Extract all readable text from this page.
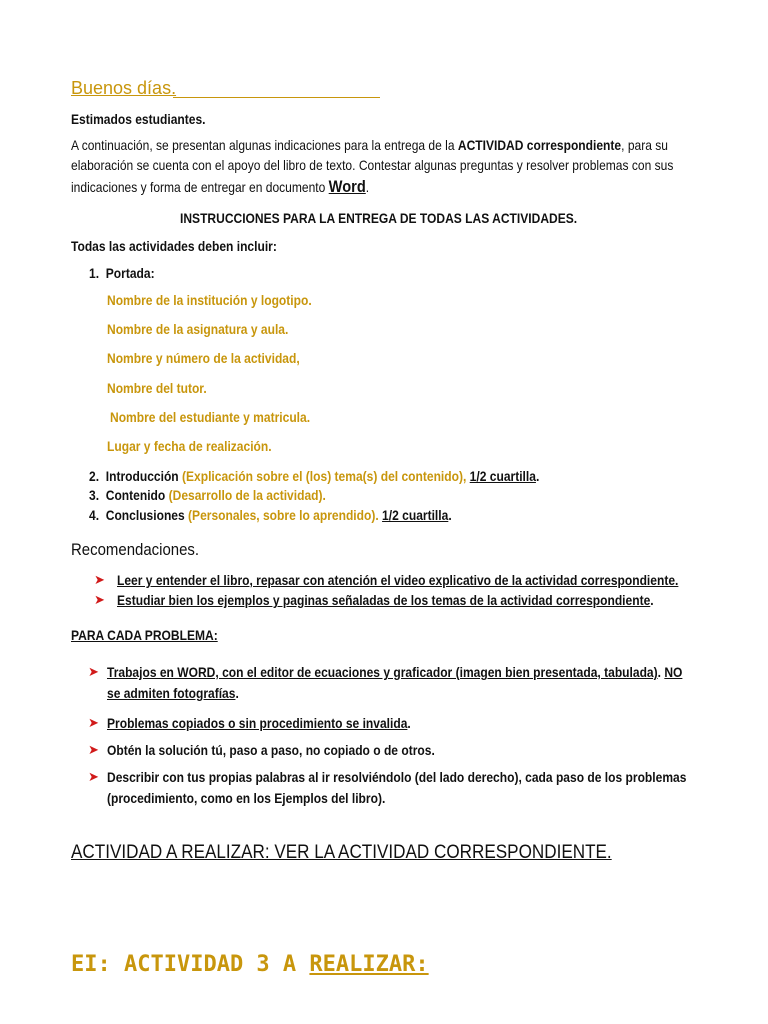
Buenos días.
Estimados estudiantes.
A continuación, se presentan algunas indicaciones para la entrega de la ACTIVIDAD correspondiente, para su
elaboración se cuenta con el apoyo del libro de texto. Contestar algunas preguntas y resolver problemas con sus
indicaciones y forma de entregar en documento Word.
INSTRUCCIONES PARA LA ENTREGA DE TODAS LAS ACTIVIDADES.
Todas las actividades deben incluir:
1. Portada:
Nombre de la institución y logotipo.
Nombre de la asignatura y aula.
Nombre y número de la actividad,
Nombre del tutor.
Nombre del estudiante y matricula.
Lugar y fecha de realización.
2. Introducción (Explicación sobre el (los) tema(s) del contenido), 1/2 cuartilla.
3. Contenido (Desarrollo de la actividad).
4. Conclusiones (Personales, sobre lo aprendido). 1/2 cuartilla.
Recomendaciones.
➤ Leer y entender el libro, repasar con atención el video explicativo de la actividad correspondiente.
➤ Estudiar bien los ejemplos y paginas señaladas de los temas de la actividad correspondiente.
PARA CADA PROBLEMA:
➤ Trabajos en WORD, con el editor de ecuaciones y graficador (imagen bien presentada, tabulada). NO
se admiten fotografías.
➤ Problemas copiados o sin procedimiento se invalida.
➤ Obtén la solución tú, paso a paso, no copiado o de otros.
➤ Describir con tus propias palabras al ir resolviéndolo (del lado derecho), cada paso de los problemas
(procedimiento, como en los Ejemplos del libro).
ACTIVIDAD A REALIZAR: VER LA ACTIVIDAD CORRESPONDIENTE.
EI: ACTIVIDAD 3 A REALIZAR:
